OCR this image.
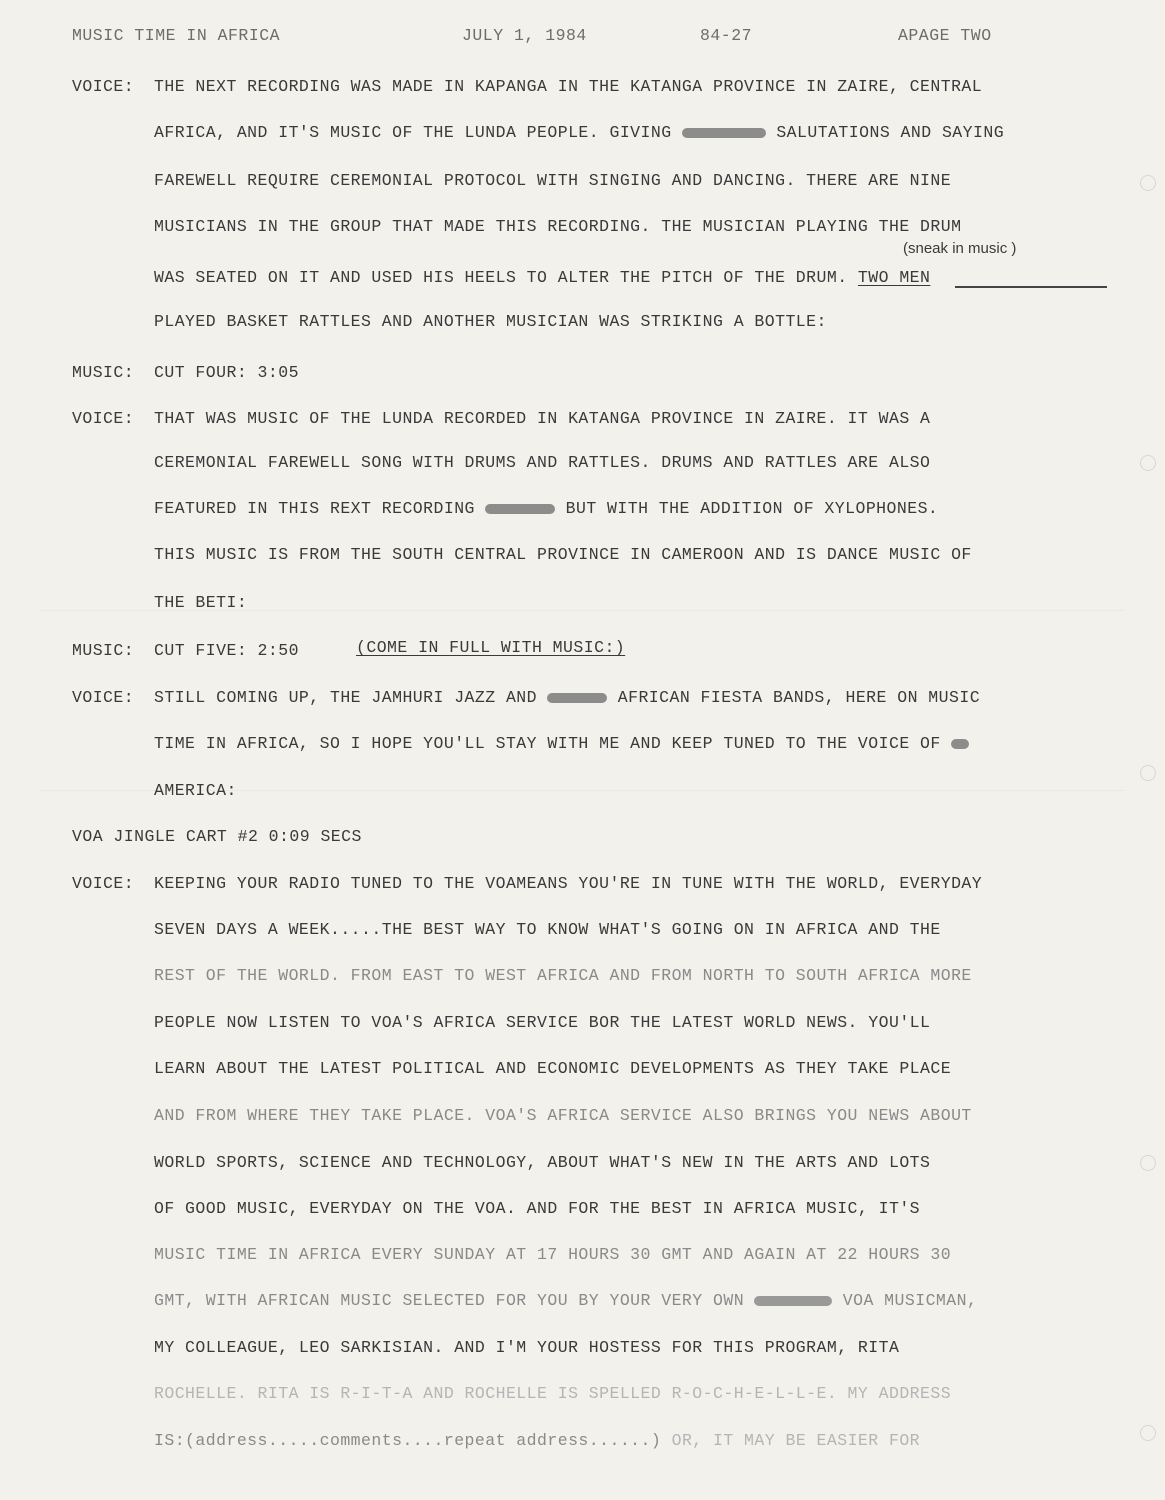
MUSIC TIME IN AFRICA	JULY 1, 1984	84-27	APAGE TWO
VOICE: THE NEXT RECORDING WAS MADE IN KAPANGA IN THE KATANGA PROVINCE IN ZAIRE, CENTRAL
AFRICA, AND IT'S MUSIC OF THE LUNDA PEOPLE. GIVING	SALUTATIONS AND SAYING
FAREWELL REQUIRE CEREMONIAL PROTOCOL WITH SINGING AND DANCING. THERE ARE NINE
MUSICIANS IN THE GROUP THAT MADE THIS RECORDING. THE MUSICIAN PLAYING THE DRUM
(sneak in music )
WAS SEATED ON IT AND USED HIS HEELS TO ALTER THE PITCH OF THE DRUM. TWO MEN
PLAYED BASKET RATTLES AND ANOTHER MUSICIAN WAS STRIKING A BOTTLE:
MUSIC: CUT FOUR: 3:05
VOICE: THAT WAS MUSIC OF THE LUNDA RECORDED IN KATANGA PROVINCE IN ZAIRE. IT WAS A
CEREMONIAL FAREWELL SONG WITH DRUMS AND RATTLES. DRUMS AND RATTLES ARE ALSO
FEATURED IN THIS REXT RECORDING	BUT WITH THE ADDITION OF XYLOPHONES.
THIS MUSIC IS FROM THE SOUTH CENTRAL PROVINCE IN CAMEROON AND IS DANCE MUSIC OF
THE BETI:
MUSIC: CUT FIVE: 2:50	(COME IN FULL WITH MUSIC:)
VOICE: STILL COMING UP, THE JAMHURI JAZZ AND	AFRICAN FIESTA BANDS, HERE ON MUSIC
TIME IN AFRICA, SO I HOPE YOU'LL STAY WITH ME AND KEEP TUNED TO THE VOICE OF
AMERICA:
VOA JINGLE CART #2 0:09 SECS
VOICE: KEEPING YOUR RADIO TUNED TO THE VOAMEANS YOU'RE IN TUNE WITH THE WORLD, EVERYDAY
SEVEN DAYS A WEEK.....THE BEST WAY TO KNOW WHAT'S GOING ON IN AFRICA AND THE
REST OF THE WORLD. FROM EAST TO WEST AFRICA AND FROM NORTH TO SOUTH AFRICA MORE
PEOPLE NOW LISTEN TO VOA'S AFRICA SERVICE BOR THE LATEST WORLD NEWS. YOU'LL
LEARN ABOUT THE LATEST POLITICAL AND ECONOMIC DEVELOPMENTS AS THEY TAKE PLACE
AND FROM WHERE THEY TAKE PLACE. VOA'S AFRICA SERVICE ALSO BRINGS YOU NEWS ABOUT
WORLD SPORTS, SCIENCE AND TECHNOLOGY, ABOUT WHAT'S NEW IN THE ARTS AND LOTS
OF GOOD MUSIC, EVERYDAY ON THE VOA. AND FOR THE BEST IN AFRICA MUSIC, IT'S
MUSIC TIME IN AFRICA EVERY SUNDAY AT 17 HOURS 30 GMT AND AGAIN AT 22 HOURS 30
GMT, WITH AFRICAN MUSIC SELECTED FOR YOU BY YOUR VERY OWN	VOA MUSICMAN,
MY COLLEAGUE, LEO SARKISIAN. AND I'M YOUR HOSTESS FOR THIS PROGRAM, RITA
ROCHELLE. RITA IS R-I-T-A AND ROCHELLE IS SPELLED R-O-C-H-E-L-L-E. MY ADDRESS
IS:(address.....comments....repeat address......) OR, IT MAY BE EASIER FOR
